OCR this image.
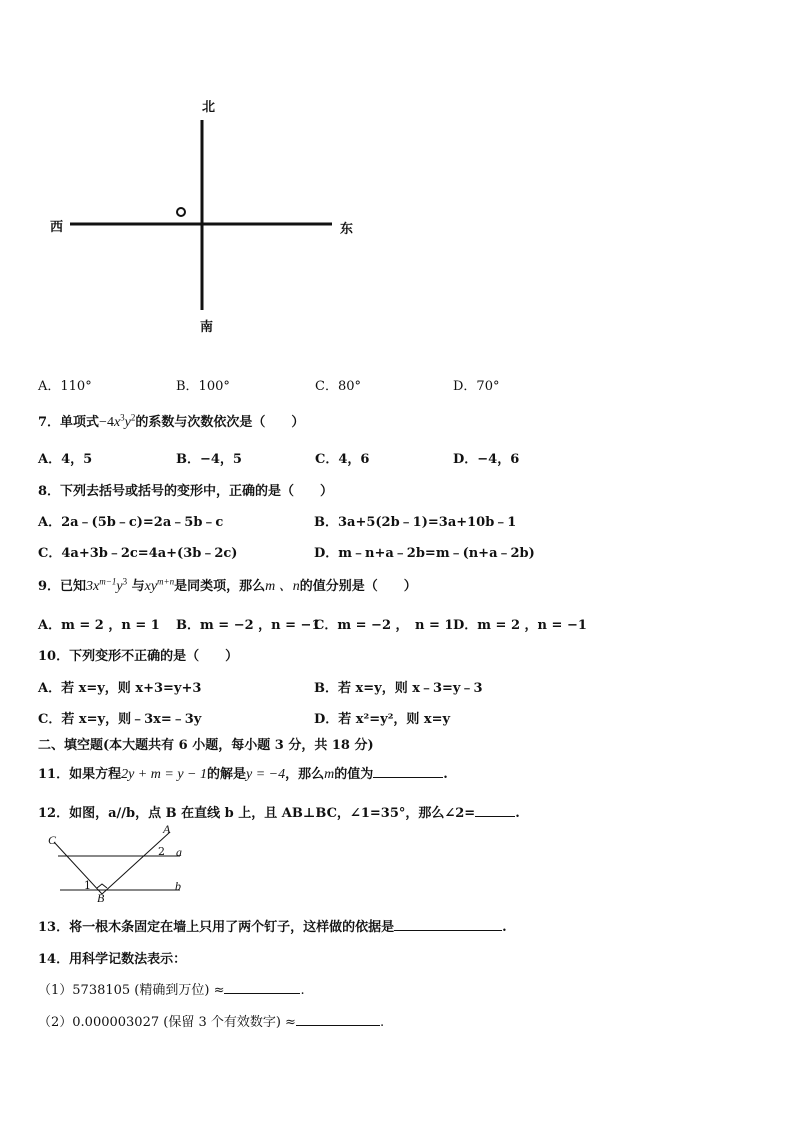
北
南
东
西
A．110°	B．100°	C．80°	D．70°
7．单项式$-4x^3y^2$的系数与次数依次是（　　）
A．4，5	B．−4，5	C．4，6	D．−4，6
8．下列去括号或括号的变形中，正确的是（　　）
A．2a﹣(5b﹣c)=2a﹣5b﹣c	B．3a+5(2b﹣1)=3a+10b﹣1
C．4a+3b﹣2c=4a+(3b﹣2c)	D．m﹣n+a﹣2b=m﹣(n+a﹣2b)
9．已知$3x^{m-1}y^3$ 与$xy^{m+n}$是同类项，那么m 、n的值分别是（　　）
A．m = 2 ，n = 1 B．m = −2 ，n = −1
C．m = −2 ，　n = 1 D．m = 2 ，n = −1
10．下列变形不正确的是（　　）
A．若 x=y，则 x+3=y+3	B．若 x=y，则 x﹣3=y﹣3
C．若 x=y，则﹣3x=﹣3y	D．若 x²=y²，则 x=y
二、填空题(本大题共有 6 小题，每小题 3 分，共 18 分)
11．如果方程2y + m = y − 1的解是y = −4，那么m的值为	.
12．如图，a//b，点 B 在直线 b 上，且 AB⊥BC，∠1=35°，那么∠2=	.
C
A
B
a
b
1
2
13．将一根木条固定在墙上只用了两个钉子，这样做的依据是	.
14．用科学记数法表示：
（1）5738105 (精确到万位) ≈	.
（2）0.000003027 (保留 3 个有效数字) ≈	.
